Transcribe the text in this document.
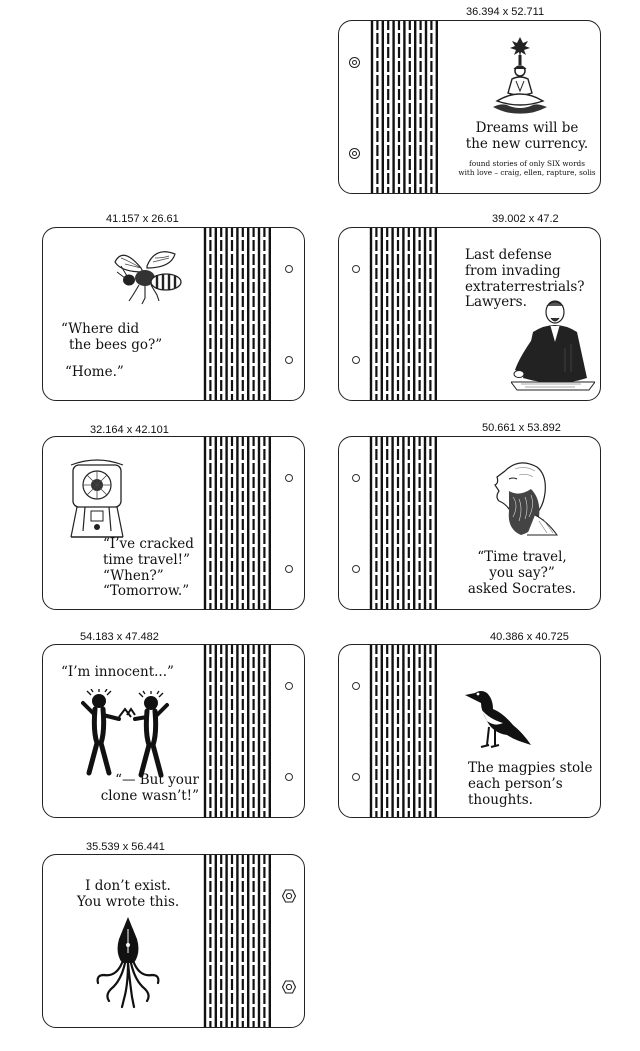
36.394 x 52.711
Dreams will be
the new currency.
found stories of only SIX words
with love – craig, ellen, rapture, solis
41.157 x 26.61
“Where did
the bees go?”
“Home.”
39.002 x 47.2
Last defense
from invading
extraterrestrials?
Lawyers.
32.164 x 42.101
“I’ve cracked
time travel!”
“When?”
“Tomorrow.”
50.661 x 53.892
“Time travel,
you say?”
asked Socrates.
54.183 x 47.482
“I’m innocent...”
“— But your
clone wasn’t!”
40.386 x 40.725
The magpies stole
each person’s
thoughts.
35.539 x 56.441
I don’t exist.
You wrote this.
